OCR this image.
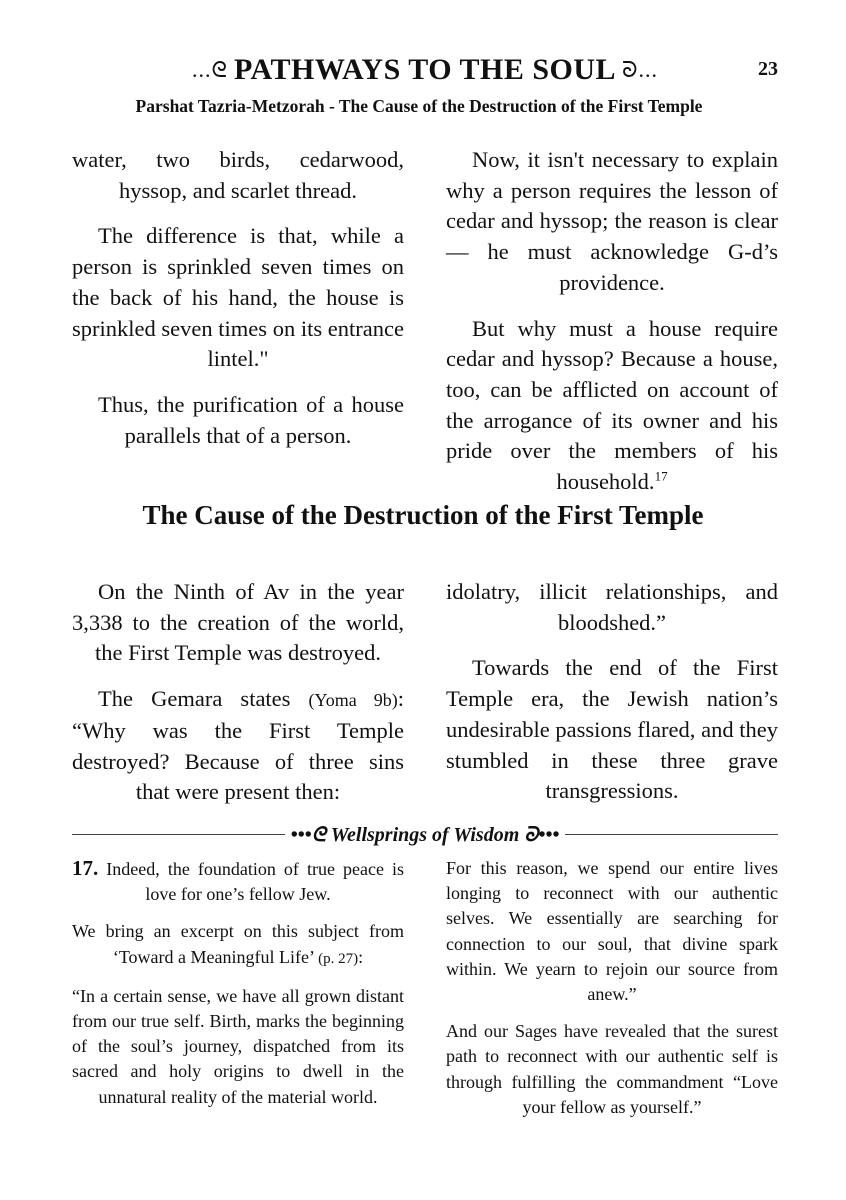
...ᘓ PATHWAYS TO THE SOUL ᘐ...	23
Parshat Tazria-Metzorah - The Cause of the Destruction of the First Temple

water, two birds, cedarwood, hyssop, and scarlet thread.

The difference is that, while a person is sprinkled seven times on the back of his hand, the house is sprinkled seven times on its entrance lintel."

Thus, the purification of a house parallels that of a person.

Now, it isn't necessary to explain why a person requires the lesson of cedar and hyssop; the reason is clear — he must acknowledge G-d’s providence.

But why must a house require cedar and hyssop? Because a house, too, can be afflicted on account of the arrogance of its owner and his pride over the members of his household.$^{17}$

The Cause of the Destruction of the First Temple

On the Ninth of Av in the year 3,338 to the creation of the world, the First Temple was destroyed.

The Gemara states (Yoma 9b): “Why was the First Temple destroyed? Because of three sins that were present then:

idolatry, illicit relationships, and bloodshed.”

Towards the end of the First Temple era, the Jewish nation’s undesirable passions flared, and they stumbled in these three grave transgressions.

•••ᘓ Wellsprings of Wisdom ᘐ•••

17. Indeed, the foundation of true peace is love for one’s fellow Jew.

We bring an excerpt on this subject from ‘Toward a Meaningful Life’ (p. 27):

“In a certain sense, we have all grown distant from our true self. Birth, marks the beginning of the soul’s journey, dispatched from its sacred and holy origins to dwell in the unnatural reality of the material world.

For this reason, we spend our entire lives longing to reconnect with our authentic selves. We essentially are searching for connection to our soul, that divine spark within. We yearn to rejoin our source from anew.”

And our Sages have revealed that the surest path to reconnect with our authentic self is through fulfilling the commandment “Love your fellow as yourself.”
